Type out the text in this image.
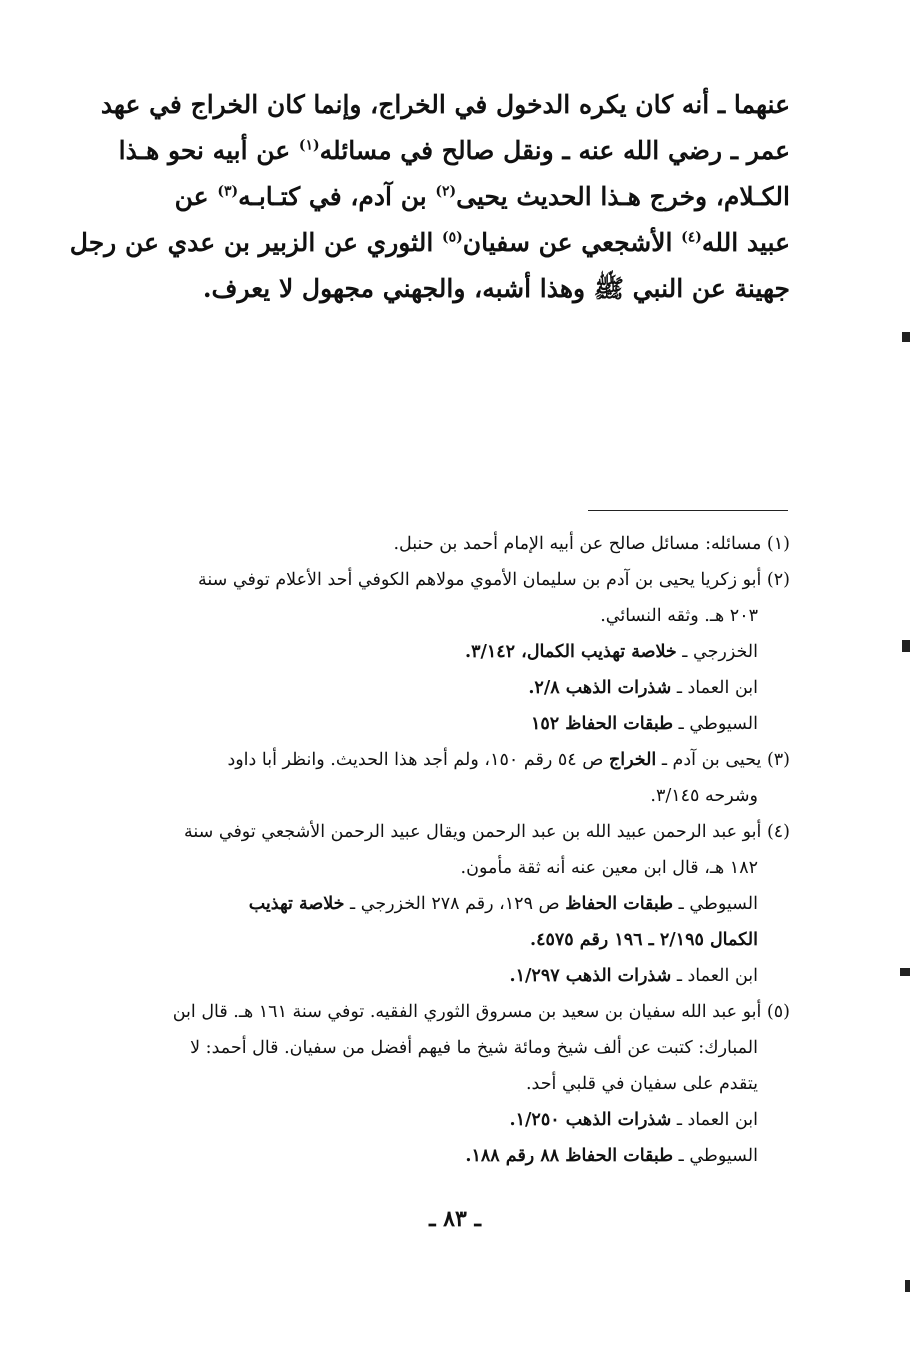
عنهما ـ أنه كان يكره الدخول في الخراج، وإنما كان الخراج في عهد
عمر ـ رضي الله عنه ـ ونقل صالح في مسائله$^{(١)}$ عن أبيه نحو هـذا
الكـلام، وخرج هـذا الحديث يحيى$^{(٢)}$ بن آدم، في كتـابـه$^{(٣)}$ عن
عبيد الله$^{(٤)}$ الأشجعي عن سفيان$^{(٥)}$ الثوري عن الزبير بن عدي عن رجل
جهينة عن النبي ﷺ وهذا أشبه، والجهني مجهول لا يعرف.
(١) مسائله: مسائل صالح عن أبيه الإمام أحمد بن حنبل.
(٢) أبو زكريا يحيى بن آدم بن سليمان الأموي مولاهم الكوفي أحد الأعلام توفي سنة
٢٠٣ هـ. وثقه النسائي.
الخزرجي ـ خلاصة تهذيب الكمال، ٣/١٤٢.
ابن العماد ـ شذرات الذهب ٢/٨.
السيوطي ـ طبقات الحفاظ ١٥٢
(٣) يحيى بن آدم ـ الخراج ص ٥٤ رقم ١٥٠، ولم أجد هذا الحديث. وانظر أبا داود
وشرحه ٣/١٤٥.
(٤) أبو عبد الرحمن عبيد الله بن عبد الرحمن ويقال عبيد الرحمن الأشجعي توفي سنة
١٨٢ هـ، قال ابن معين عنه أنه ثقة مأمون.
السيوطي ـ طبقات الحفاظ ص ١٢٩، رقم ٢٧٨ الخزرجي ـ خلاصة تهذيب
الكمال ٢/١٩٥ ـ ١٩٦ رقم ٤٥٧٥.
ابن العماد ـ شذرات الذهب ١/٢٩٧.
(٥) أبو عبد الله سفيان بن سعيد بن مسروق الثوري الفقيه. توفي سنة ١٦١ هـ. قال ابن
المبارك: كتبت عن ألف شيخ ومائة شيخ ما فيهم أفضل من سفيان. قال أحمد: لا
يتقدم على سفيان في قلبي أحد.
ابن العماد ـ شذرات الذهب ١/٢٥٠.
السيوطي ـ طبقات الحفاظ ٨٨ رقم ١٨٨.
ـ ٨٣ ـ
